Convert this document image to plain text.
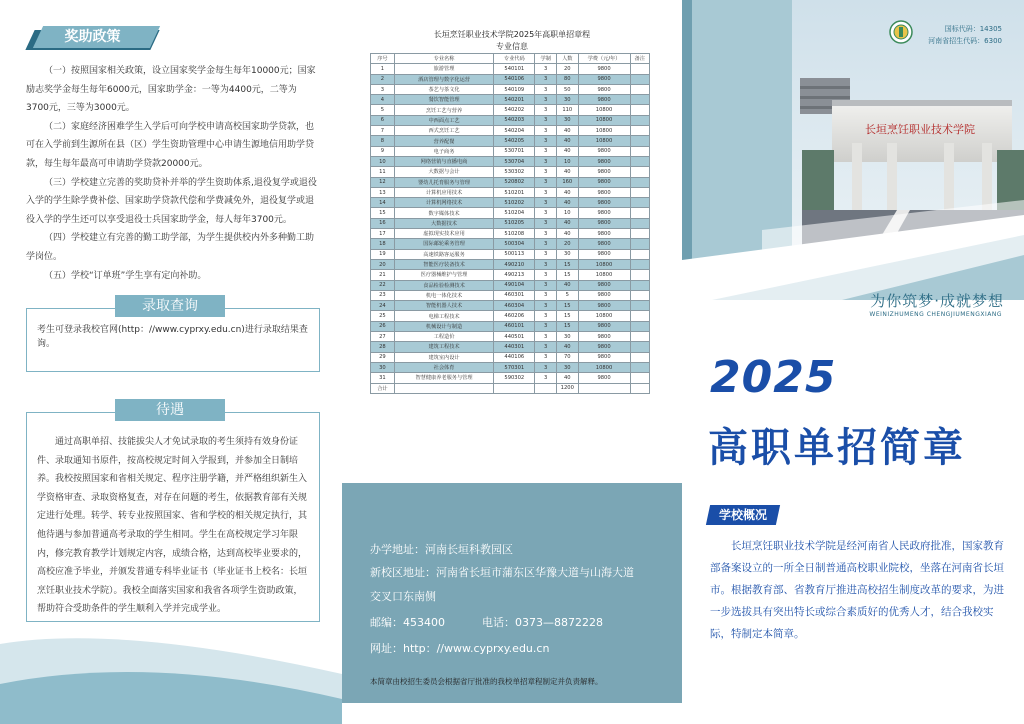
奖助政策

（一）按照国家相关政策，设立国家奖学金每生每年10000元；国家励志奖学金每生每年6000元，国家助学金：一等为4400元，二等为3700元，三等为3000元。

（二）家庭经济困难学生入学后可向学校申请高校国家助学贷款，也可在入学前到生源所在县（区）学生资助管理中心申请生源地信用助学贷款，每生每年最高可申请助学贷款20000元。

（三）学校建立完善的奖助贷补并举的学生资助体系,退役复学或退役入学的学生除学费补偿、国家助学贷款代偿和学费减免外，退役复学或退役入学的学生还可以享受退役士兵国家助学金，每人每年3700元。

（四）学校建立有完善的勤工助学部，为学生提供校内外多种勤工助学岗位。

（五）学校“订单班”学生享有定向补助。

考生可登录我校官网(http：//www.cyprxy.edu.cn)进行录取结果查询。
录取查询

通过高职单招、技能拔尖人才免试录取的考生须持有效身份证件、录取通知书原件，按高校规定时间入学报到，并参加全日制培养。我校按照国家和省相关规定、程序注册学籍，并严格组织新生入学资格审查、录取资格复查，对存在问题的考生，依据教育部有关规定进行处理。转学、转专业按照国家、省和学校的相关规定执行，其他待遇与参加普通高考录取的学生相同。学生在高校规定学习年限内，修完教育教学计划规定内容，成绩合格，达到高校毕业要求的，高校应准予毕业，并颁发普通专科毕业证书（毕业证书上校名：长垣烹饪职业技术学院）。我校全面落实国家和我省各项学生资助政策，帮助符合受助条件的学生顺利入学并完成学业。

待遇
长垣烹饪职业技术学院2025年高职单招章程
专业信息
序号	专业名称	专业代码	学制	人数	学费（元/年）	备注
1	旅游管理	540101	3	20	9800	
2	酒店管理与数字化运营	540106	3	80	9800	
3	茶艺与茶文化	540109	3	50	9800	
4	餐饮智能管理	540201	3	30	9800	
5	烹饪工艺与营养	540202	3	110	10800	
6	中西面点工艺	540203	3	30	10800	
7	西式烹饪工艺	540204	3	40	10800	
8	营养配餐	540205	3	40	10800	
9	电子商务	530701	3	40	9800	
10	网络营销与直播电商	530704	3	10	9800	
11	大数据与会计	530302	3	40	9800	
12	婴幼儿托育服务与管理	520802	3	160	9800	
13	计算机应用技术	510201	3	40	9800	
14	计算机网络技术	510202	3	40	9800	
15	数字媒体技术	510204	3	10	9800	
16	大数据技术	510205	3	40	9800	
17	虚拟现实技术应用	510208	3	40	9800	
18	国际邮轮乘务管理	500304	3	20	9800	
19	高速铁路客运服务	500113	3	30	9800	
20	智能医疗装备技术	490210	3	15	10800	
21	医疗器械维护与管理	490213	3	15	10800	
22	食品检验检测技术	490104	3	40	9800	
23	机电一体化技术	460301	3	5	9800	
24	智能机器人技术	460304	3	15	9800	
25	电梯工程技术	460206	3	15	10800	
26	机械设计与制造	460101	3	15	9800	
27	工程造价	440501	3	30	9800	
28	建筑工程技术	440301	3	40	9800	
29	建筑室内设计	440106	3	70	9800	
30	社会体育	570301	3	30	10800	
31	智慧健康养老服务与管理	590302	3	40	9800	
合计				1200		
办学地址：河南长垣科教园区
新校区地址：河南省长垣市蒲东区华豫大道与山海大道
交叉口东南侧
邮编：453400	电话：0373—8872228
网址：http：//www.cyprxy.edu.cn
本简章由校招生委员会根据省厅批准的我校单招章程制定并负责解释。
长垣烹饪职业技术学院
国标代码：14305
河南省招生代码：6300
为你筑梦·成就梦想
WEINIZHUMENG CHENGJIUMENGXIANG
2025
高职单招简章
学校概况
长垣烹饪职业技术学院是经河南省人民政府批准，国家教育部备案设立的一所全日制普通高校职业院校，坐落在河南省长垣市。根据教育部、省教育厅推进高校招生制度改革的要求，为进一步选拔具有突出特长或综合素质好的优秀人才，结合我校实际，特制定本简章。
